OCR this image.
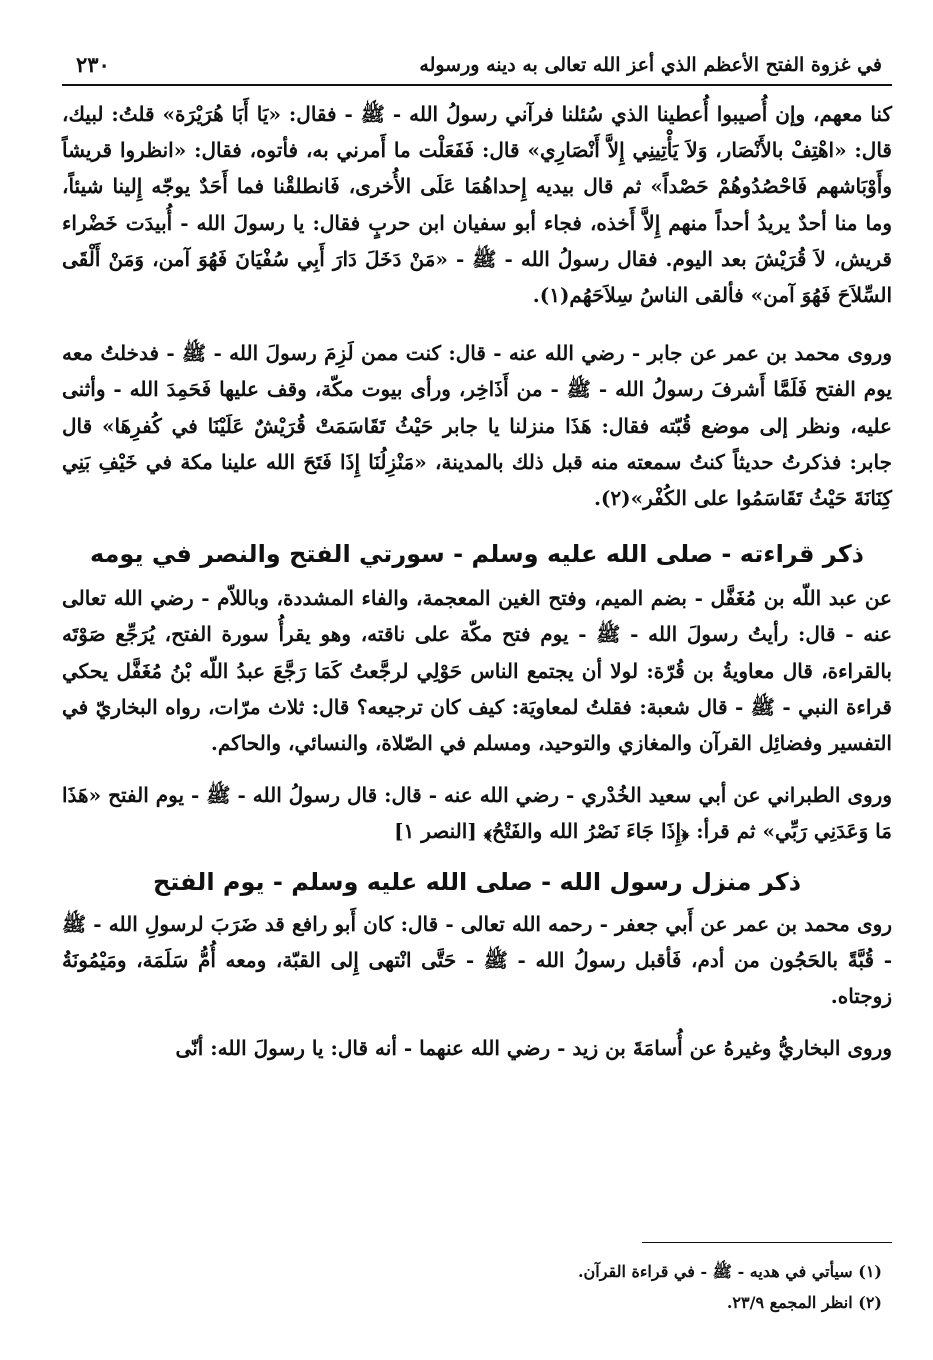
في غزوة الفتح الأعظم الذي أعز الله تعالى به دينه ورسوله
٢٣٠

كنا معهم، وإن أُصيبوا أُعطينا الذي سُئلنا فرآني رسولُ الله - ﷺ - فقال: «يَا أَبَا هُرَيْرَة» قلتُ: لبيك، قال: «اهْتِفْ بالأَنْصَار، وَلاَ يَأْتِينِي إِلاَّ أَنْصَارِي» قال: فَفَعَلْت ما أَمرني به، فأتوه، فقال: «انظروا قريشاً وأَوْبَاشهم فَاحْصُدُوهُمْ حَصْداً» ثم قال بيديه إِحداهُمَا عَلَى الأُخرى، فَانطلقْنا فما أَحَدٌ يوجّه إِلينا شيئاً، وما منا أحدٌ يريدُ أحداً منهم إِلاَّ أَخذه، فجاء أبو سفيان ابن حربٍ فقال: يا رسولَ الله - أُبيدَت خَضْراء قريش، لاَ قُرَيْشَ بعد اليوم. فقال رسولُ الله - ﷺ - «مَنْ دَخَلَ دَارَ أَبِي سُفْيَانَ فَهُوَ آمن، وَمَنْ أَلْقَى السِّلاَحَ فَهُوَ آمن» فألقى الناسُ سِلاَحَهُم(١).

وروى محمد بن عمر عن جابر - رضي الله عنه - قال: كنت ممن لَزِمَ رسولَ الله - ﷺ - فدخلتُ معه يوم الفتح فَلَمَّا أَشرفَ رسولُ الله - ﷺ - من أَذَاخِر، ورأى بيوت مكّة، وقف عليها فَحَمِدَ الله - وأثنى عليه، ونظر إلى موضع قُبّته فقال: هَذَا منزلنا يا جابر حَيْثُ تَقَاسَمَتْ قُرَيْشٌ عَلَيْنَا في كُفرِهَا» قال جابر: فذكرتُ حديثاً كنتُ سمعته منه قبل ذلك بالمدينة، «مَنْزِلُنَا إِذَا فَتَحَ الله علينا مكة في خَيْفِ بَنِي كِنَانَةَ حَيْثُ تَقَاسَمُوا على الكُفْر»(٢).

ذكر قراءته - صلى الله عليه وسلم - سورتي الفتح والنصر في يومه

عن عبد اللّه بن مُغَفَّل - بضم الميم، وفتح الغين المعجمة، والفاء المشددة، وباللاّم - رضي الله تعالى عنه - قال: رأيتُ رسولَ الله - ﷺ - يوم فتح مكّة على ناقته، وهو يقرأُ سورة الفتح، يُرَجِّع صَوْتَه بالقراءة، قال معاويةُ بن قُرّة: لولا أن يجتمع الناس حَوْلِي لرجَّعتُ كَمَا رَجَّعَ عبدُ اللّه بْنُ مُغَفَّل يحكي قراءة النبي - ﷺ - قال شعبة: فقلتُ لمعاويَة: كيف كان ترجيعه؟ قال: ثلاث مرّات، رواه البخاريّ في التفسير وفضائِل القرآن والمغازي والتوحيد، ومسلم في الصّلاة، والنسائي، والحاكم.

وروى الطبراني عن أبي سعيد الخُدْري - رضي الله عنه - قال: قال رسولُ الله - ﷺ - يوم الفتح «هَذَا مَا وَعَدَنِي رَبِّي» ثم قرأ: ﴿إِذَا جَاءَ نَصْرُ الله والفَتْحُ﴾ [النصر ١]

ذكر منزل رسول الله - صلى الله عليه وسلم - يوم الفتح

روى محمد بن عمر عن أَبي جعفر - رحمه الله تعالى - قال: كان أَبو رافع قد ضَرَبَ لرسولِ الله - ﷺ - قُبَّةً بالحَجُون من أدم، فَأقبل رسولُ الله - ﷺ - حَتَّى انْتهى إِلى القبّة، ومعه أُمُّ سَلَمَة، ومَيْمُونَةُ زوجتاه.

وروى البخاريُّ وغيرهُ عن أُسامَةَ بن زيد - رضي الله عنهما - أنه قال: يا رسولَ الله: أنّى

(١) سيأتي في هديه - ﷺ - في قراءة القرآن.

(٢) انظر المجمع ٢٣/٩.
